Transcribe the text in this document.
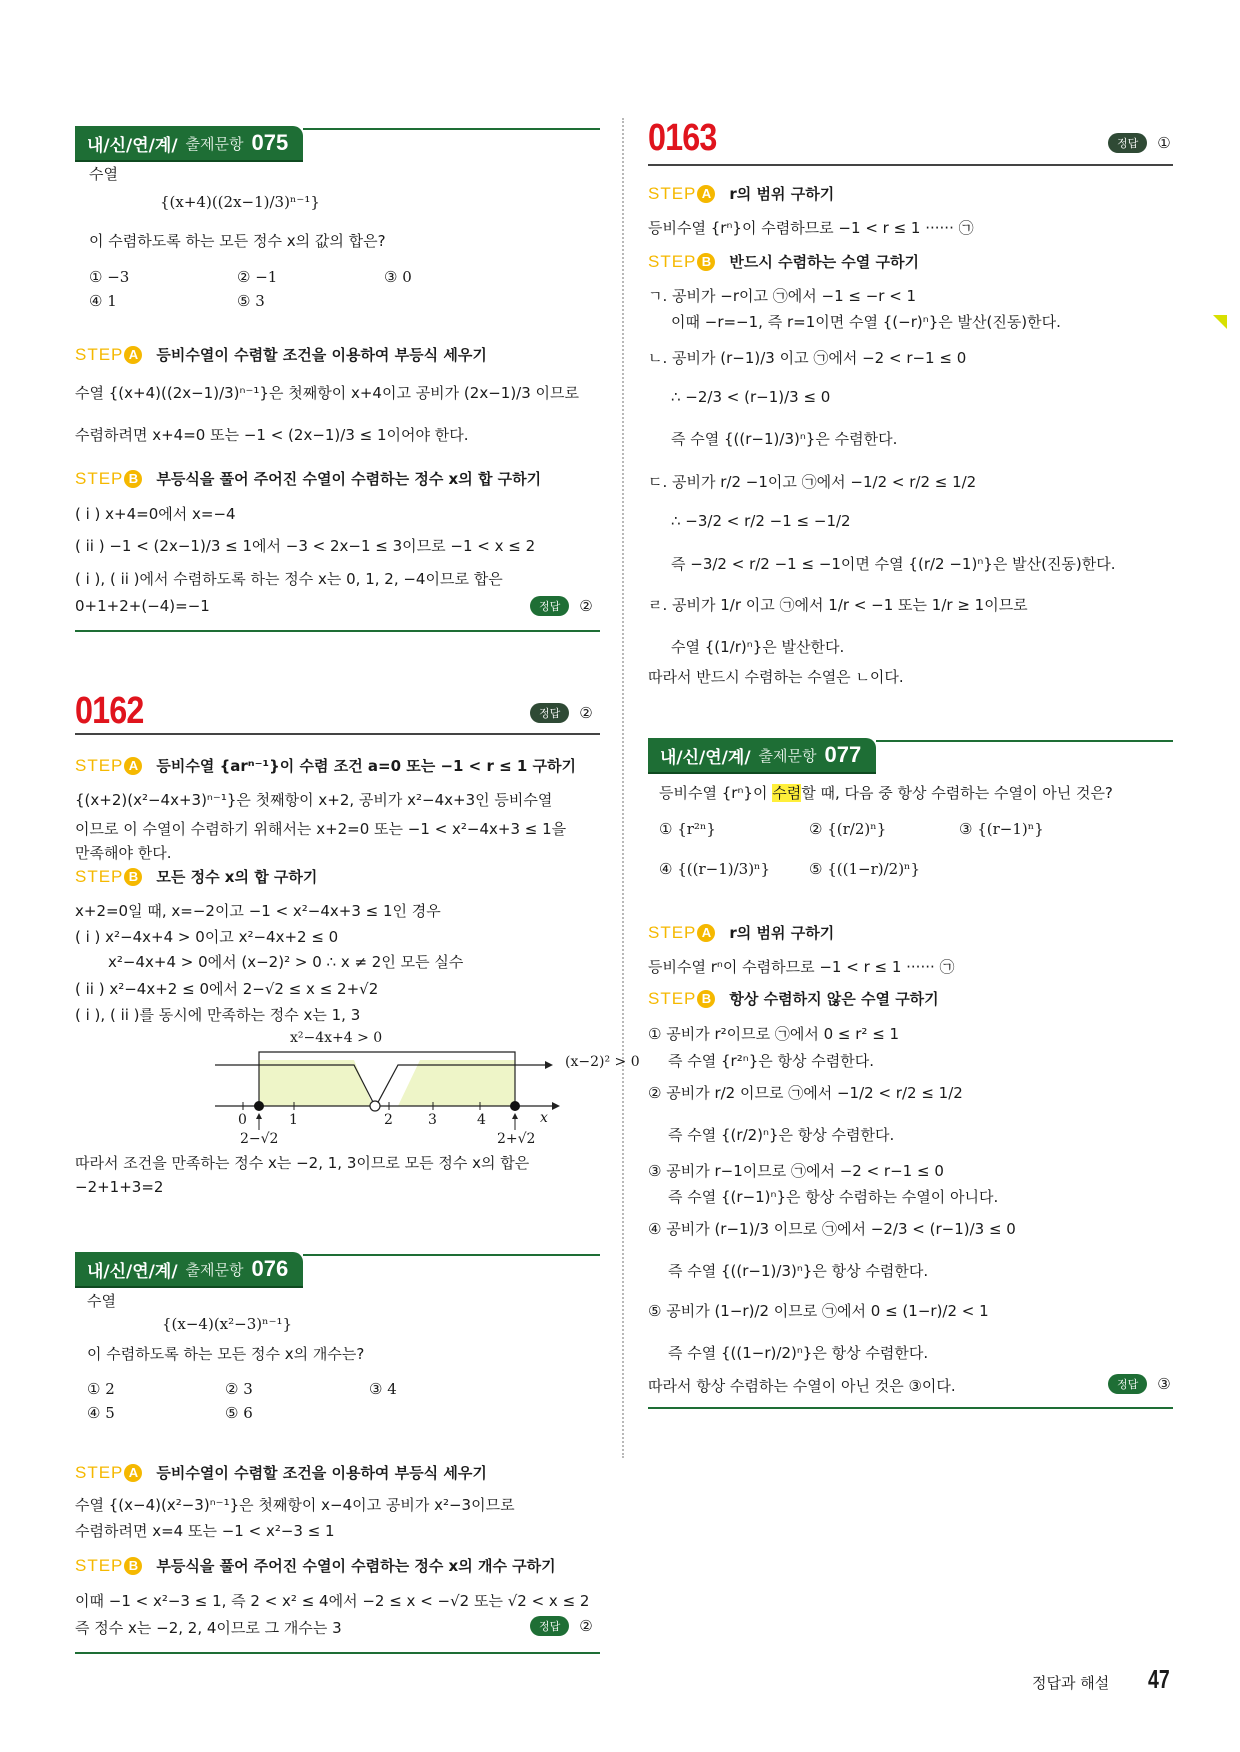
내/신/연/계/ 출제문항 075
수열
{(x+4)((2x−1)/3)ⁿ⁻¹}
이 수렴하도록 하는 모든 정수 x의 값의 합은?
① −3	② −1	③ 0
④ 1	⑤ 3
STEP A 등비수열이 수렴할 조건을 이용하여 부등식 세우기
수열 {(x+4)((2x−1)/3)ⁿ⁻¹}은 첫째항이 x+4이고 공비가 (2x−1)/3 이므로
수렴하려면 x+4=0 또는 −1 < (2x−1)/3 ≤ 1이어야 한다.
STEP B 부등식을 풀어 주어진 수열이 수렴하는 정수 x의 합 구하기
( i ) x+4=0에서 x=−4
( ii ) −1 < (2x−1)/3 ≤ 1에서 −3 < 2x−1 ≤ 3이므로 −1 < x ≤ 2
( i ), ( ii )에서 수렴하도록 하는 정수 x는 0, 1, 2, −4이므로 합은
0+1+2+(−4)=−1	정답	②
0162	정답	②
STEP A 등비수열 {arⁿ⁻¹}이 수렴 조건 a=0 또는 −1 < r ≤ 1 구하기
{(x+2)(x²−4x+3)ⁿ⁻¹}은 첫째항이 x+2, 공비가 x²−4x+3인 등비수열
이므로 이 수열이 수렴하기 위해서는 x+2=0 또는 −1 < x²−4x+3 ≤ 1을
만족해야 한다.
STEP B 모든 정수 x의 합 구하기
x+2=0일 때, x=−2이고 −1 < x²−4x+3 ≤ 1인 경우
( i ) x²−4x+4 > 0이고 x²−4x+2 ≤ 0
x²−4x+4 > 0에서 (x−2)² > 0 ∴ x ≠ 2인 모든 실수
( ii ) x²−4x+2 ≤ 0에서 2−√2 ≤ x ≤ 2+√2
( i ), ( ii )를 동시에 만족하는 정수 x는 1, 3
x²−4x+4 > 0
(x−2)² > 0
0	1	2	3	4	x
2−√2	2+√2
따라서 조건을 만족하는 정수 x는 −2, 1, 3이므로 모든 정수 x의 합은
−2+1+3=2
내/신/연/계/ 출제문항 076
수열
{(x−4)(x²−3)ⁿ⁻¹}
이 수렴하도록 하는 모든 정수 x의 개수는?
① 2	② 3	③ 4
④ 5	⑤ 6
STEP A 등비수열이 수렴할 조건을 이용하여 부등식 세우기
수열 {(x−4)(x²−3)ⁿ⁻¹}은 첫째항이 x−4이고 공비가 x²−3이므로
수렴하려면 x=4 또는 −1 < x²−3 ≤ 1
STEP B 부등식을 풀어 주어진 수열이 수렴하는 정수 x의 개수 구하기
이때 −1 < x²−3 ≤ 1, 즉 2 < x² ≤ 4에서 −2 ≤ x < −√2 또는 √2 < x ≤ 2
즉 정수 x는 −2, 2, 4이므로 그 개수는 3	정답	②
0163	정답	①
STEP A r의 범위 구하기
등비수열 {rⁿ}이 수렴하므로 −1 < r ≤ 1 ······ ㉠
STEP B 반드시 수렴하는 수열 구하기
ㄱ. 공비가 −r이고 ㉠에서 −1 ≤ −r < 1
이때 −r=−1, 즉 r=1이면 수열 {(−r)ⁿ}은 발산(진동)한다.
ㄴ. 공비가 (r−1)/3 이고 ㉠에서 −2 < r−1 ≤ 0
∴ −2/3 < (r−1)/3 ≤ 0
즉 수열 {((r−1)/3)ⁿ}은 수렴한다.
ㄷ. 공비가 r/2 −1이고 ㉠에서 −1/2 < r/2 ≤ 1/2
∴ −3/2 < r/2 −1 ≤ −1/2
즉 −3/2 < r/2 −1 ≤ −1이면 수열 {(r/2 −1)ⁿ}은 발산(진동)한다.
ㄹ. 공비가 1/r 이고 ㉠에서 1/r < −1 또는 1/r ≥ 1이므로
수열 {(1/r)ⁿ}은 발산한다.
따라서 반드시 수렴하는 수열은 ㄴ이다.
내/신/연/계/ 출제문항 077
등비수열 {rⁿ}이 수렴할 때, 다음 중 항상 수렴하는 수열이 아닌 것은?
① {r²ⁿ}	② {(r/2)ⁿ}	③ {(r−1)ⁿ}
④ {((r−1)/3)ⁿ}	⑤ {((1−r)/2)ⁿ}
STEP A r의 범위 구하기
등비수열 rⁿ이 수렴하므로 −1 < r ≤ 1 ······ ㉠
STEP B 항상 수렴하지 않은 수열 구하기
① 공비가 r²이므로 ㉠에서 0 ≤ r² ≤ 1
즉 수열 {r²ⁿ}은 항상 수렴한다.
② 공비가 r/2 이므로 ㉠에서 −1/2 < r/2 ≤ 1/2
즉 수열 {(r/2)ⁿ}은 항상 수렴한다.
③ 공비가 r−1이므로 ㉠에서 −2 < r−1 ≤ 0
즉 수열 {(r−1)ⁿ}은 항상 수렴하는 수열이 아니다.
④ 공비가 (r−1)/3 이므로 ㉠에서 −2/3 < (r−1)/3 ≤ 0
즉 수열 {((r−1)/3)ⁿ}은 항상 수렴한다.
⑤ 공비가 (1−r)/2 이므로 ㉠에서 0 ≤ (1−r)/2 < 1
즉 수열 {((1−r)/2)ⁿ}은 항상 수렴한다.
따라서 항상 수렴하는 수열이 아닌 것은 ③이다.	정답	③
정답과 해설 47
